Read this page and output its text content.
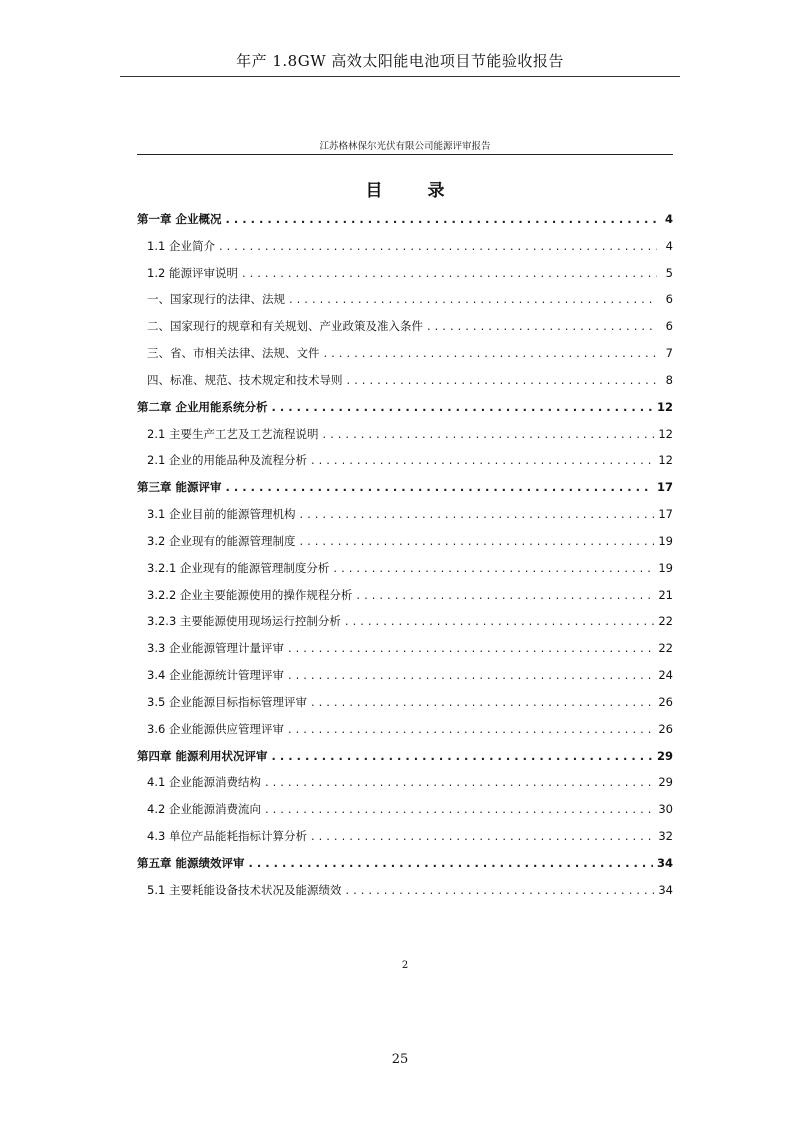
年产 1.8GW 高效太阳能电池项目节能验收报告
江苏格林保尔光伏有限公司能源评审报告
目　录
第一章 企业概况 .....	4
1.1 企业简介 .....	4
1.2 能源评审说明 .....	5
一、国家现行的法律、法规 .....	6
二、国家现行的规章和有关规划、产业政策及准入条件 .....	6
三、省、市相关法律、法规、文件 .....	7
四、标准、规范、技术规定和技术导则 .....	8
第二章 企业用能系统分析 .....	12
2.1 主要生产工艺及工艺流程说明 .....	12
2.1 企业的用能品种及流程分析 .....	12
第三章 能源评审 .....	17
3.1 企业目前的能源管理机构 .....	17
3.2 企业现有的能源管理制度 .....	19
3.2.1 企业现有的能源管理制度分析 .....	19
3.2.2 企业主要能源使用的操作规程分析 .....	21
3.2.3 主要能源使用现场运行控制分析 .....	22
3.3 企业能源管理计量评审 .....	22
3.4 企业能源统计管理评审 .....	24
3.5 企业能源目标指标管理评审 .....	26
3.6 企业能源供应管理评审 .....	26
第四章 能源利用状况评审 .....	29
4.1 企业能源消费结构 .....	29
4.2 企业能源消费流向 .....	30
4.3 单位产品能耗指标计算分析 .....	32
第五章 能源绩效评审 .....	34
5.1 主要耗能设备技术状况及能源绩效 .....	34
2
25
